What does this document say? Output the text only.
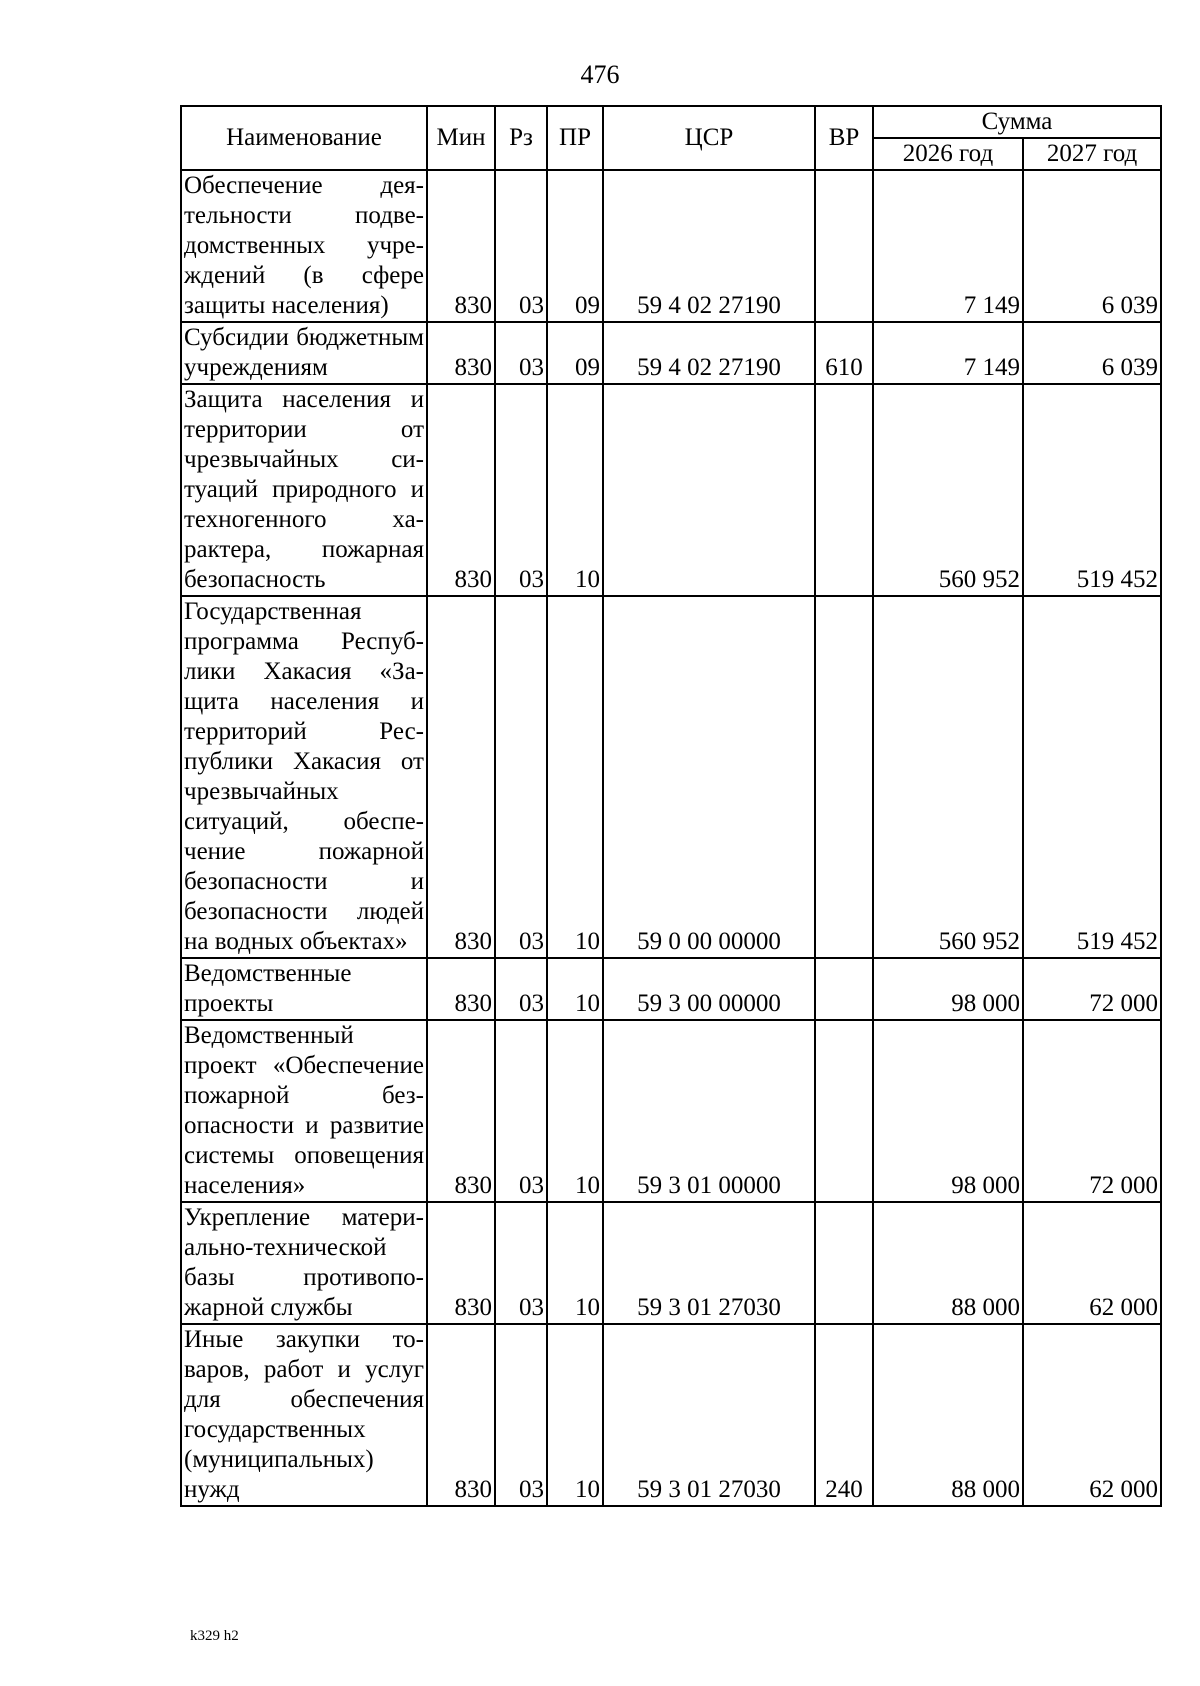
476
Наименование	Мин	Рз	ПР	ЦСР	ВР	Сумма	
						2026 год	2027 год
Обеспечение деятельности подведомственных учреждений (в сфере защиты населения)	830	03	09	59 4 02 27190		7 149	6 039
Субсидии бюджетным учреждениям	830	03	09	59 4 02 27190	610	7 149	6 039
Защита населения и территории от чрезвычайных ситуаций природного и техногенного характера, пожарная безопасность	830	03	10			560 952	519 452
Государственная программа Республики Хакасия «Защита населения и территорий Республики Хакасия от чрезвычайных ситуаций, обеспечение пожарной безопасности и безопасности людей на водных объектах»	830	03	10	59 0 00 00000		560 952	519 452
Ведомственные проекты	830	03	10	59 3 00 00000		98 000	72 000
Ведомственный проект «Обеспечение пожарной безопасности и развитие системы оповещения населения»	830	03	10	59 3 01 00000		98 000	72 000
Укрепление материально-технической базы противопожарной службы	830	03	10	59 3 01 27030		88 000	62 000
Иные закупки товаров, работ и услуг для обеспечения государственных (муниципальных) нужд	830	03	10	59 3 01 27030	240	88 000	62 000
k329 h2
